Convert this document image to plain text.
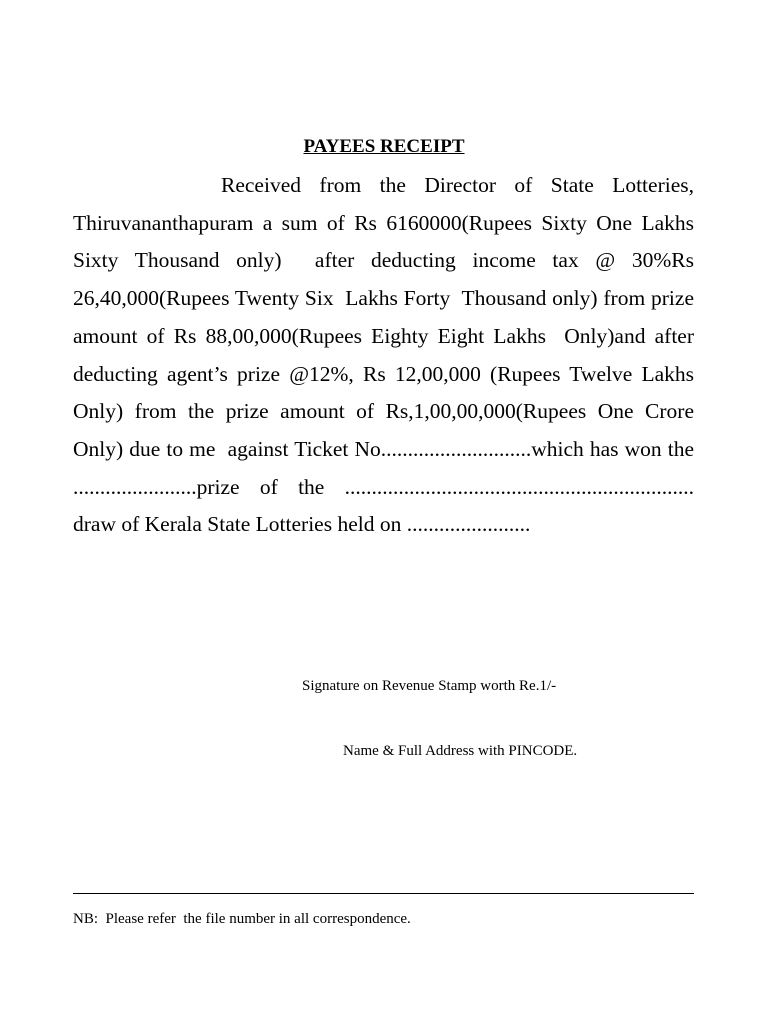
PAYEES RECEIPT

Received from the Director of State Lotteries, Thiruvananthapuram a sum of Rs 6160000(Rupees Sixty One Lakhs Sixty Thousand only)  after deducting income tax @ 30%Rs 26,40,000(Rupees Twenty Six  Lakhs Forty  Thousand only) from prize amount of Rs 88,00,000(Rupees Eighty Eight Lakhs  Only)and after deducting agent’s prize @12%, Rs 12,00,000 (Rupees Twelve Lakhs  Only) from the prize amount of Rs,1,00,00,000(Rupees One Crore  Only) due to me  against Ticket No............................which has won the .......................prize of the ................................................................. draw of Kerala State Lotteries held on .......................

Signature on Revenue Stamp worth Re.1/-
Name & Full Address with PINCODE.
NB:  Please refer  the file number in all correspondence.
